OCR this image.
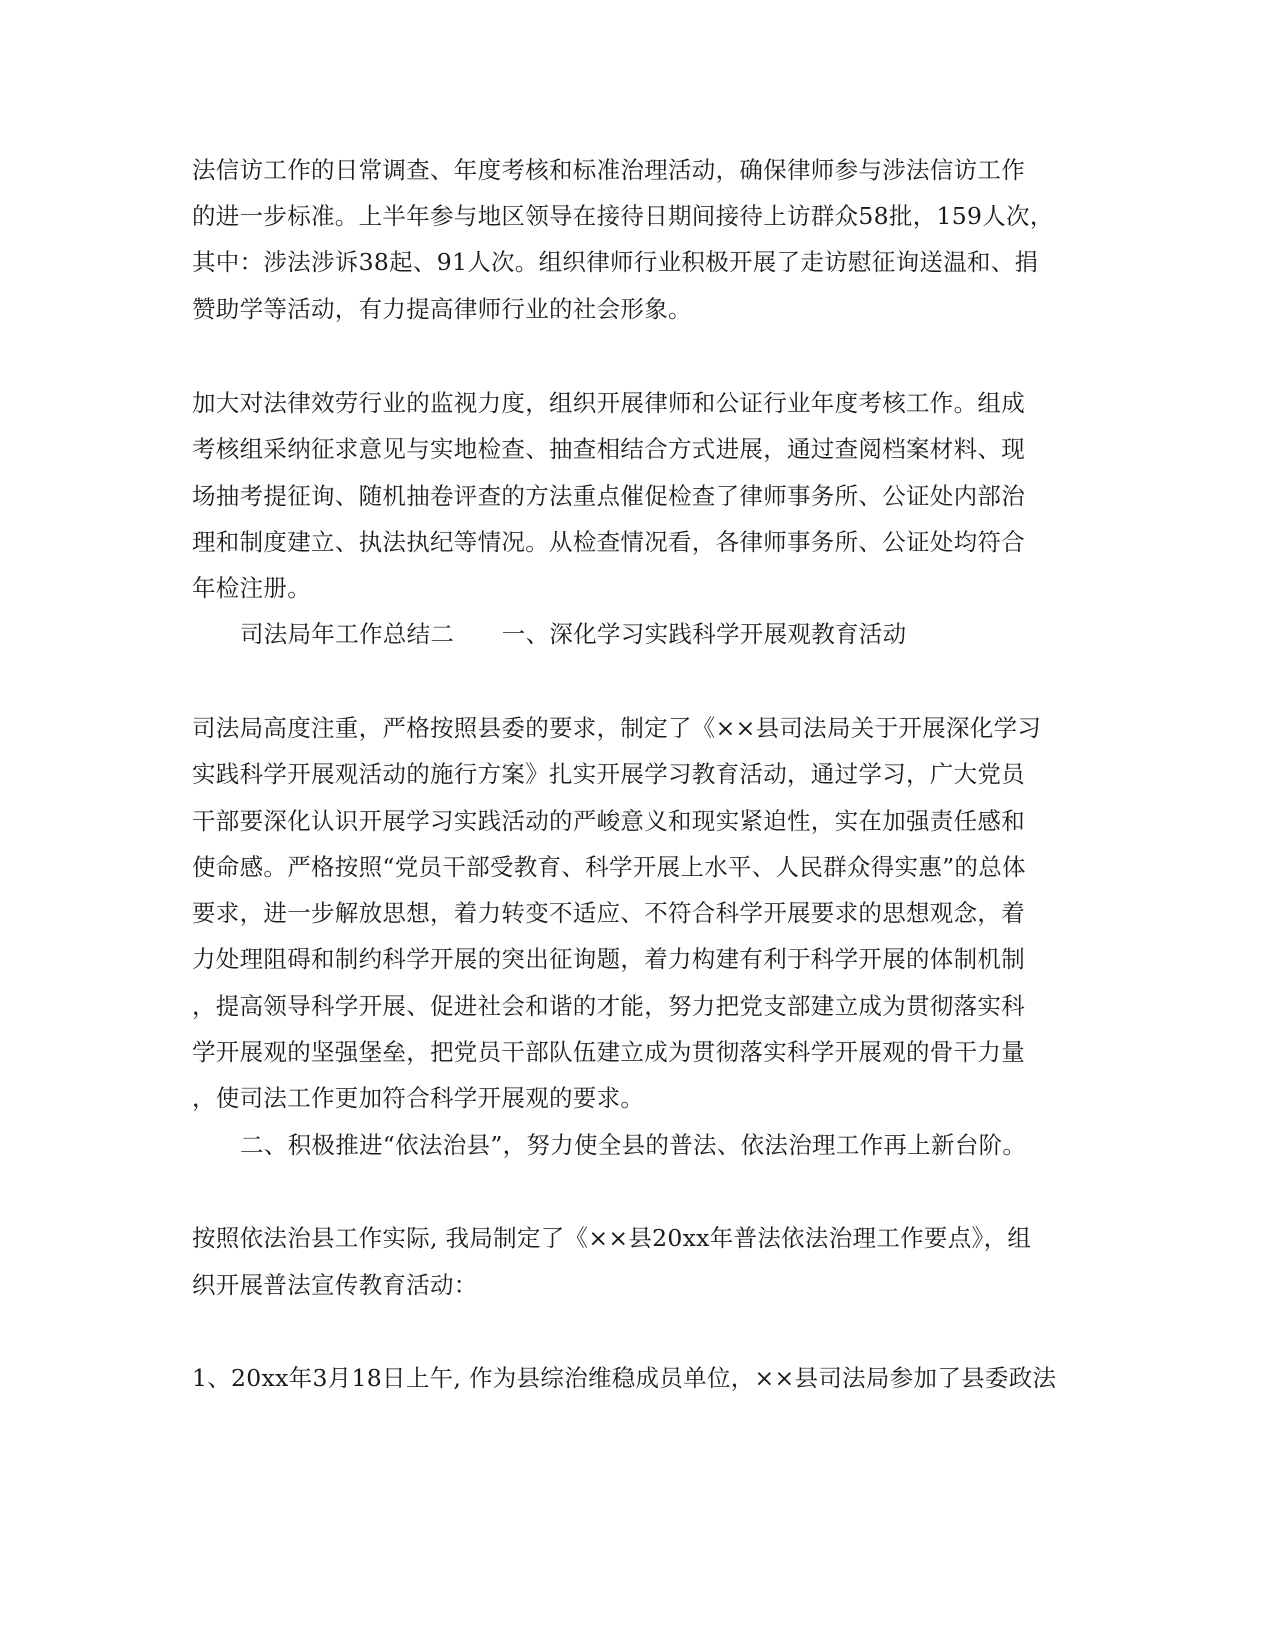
法信访工作的日常调查、年度考核和标准治理活动，确保律师参与涉法信访工作
的进一步标准。上半年参与地区领导在接待日期间接待上访群众58批，159人次，
其中：涉法涉诉38起、91人次。组织律师行业积极开展了走访慰征询送温和、捐
赞助学等活动，有力提高律师行业的社会形象。
加大对法律效劳行业的监视力度，组织开展律师和公证行业年度考核工作。组成
考核组采纳征求意见与实地检查、抽查相结合方式进展，通过查阅档案材料、现
场抽考提征询、随机抽卷评查的方法重点催促检查了律师事务所、公证处内部治
理和制度建立、执法执纪等情况。从检查情况看，各律师事务所、公证处均符合
年检注册。
司法局年工作总结二　　一、深化学习实践科学开展观教育活动
司法局高度注重，严格按照县委的要求，制定了《××县司法局关于开展深化学习
实践科学开展观活动的施行方案》扎实开展学习教育活动，通过学习，广大党员
干部要深化认识开展学习实践活动的严峻意义和现实紧迫性，实在加强责任感和
使命感。严格按照“党员干部受教育、科学开展上水平、人民群众得实惠”的总体
要求，进一步解放思想，着力转变不适应、不符合科学开展要求的思想观念，着
力处理阻碍和制约科学开展的突出征询题，着力构建有利于科学开展的体制机制
，提高领导科学开展、促进社会和谐的才能，努力把党支部建立成为贯彻落实科
学开展观的坚强堡垒，把党员干部队伍建立成为贯彻落实科学开展观的骨干力量
，使司法工作更加符合科学开展观的要求。
二、积极推进“依法治县”，努力使全县的普法、依法治理工作再上新台阶。
按照依法治县工作实际, 我局制定了《××县20xx年普法依法治理工作要点》，组
织开展普法宣传教育活动：
1、20xx年3月18日上午, 作为县综治维稳成员单位，××县司法局参加了县委政法
